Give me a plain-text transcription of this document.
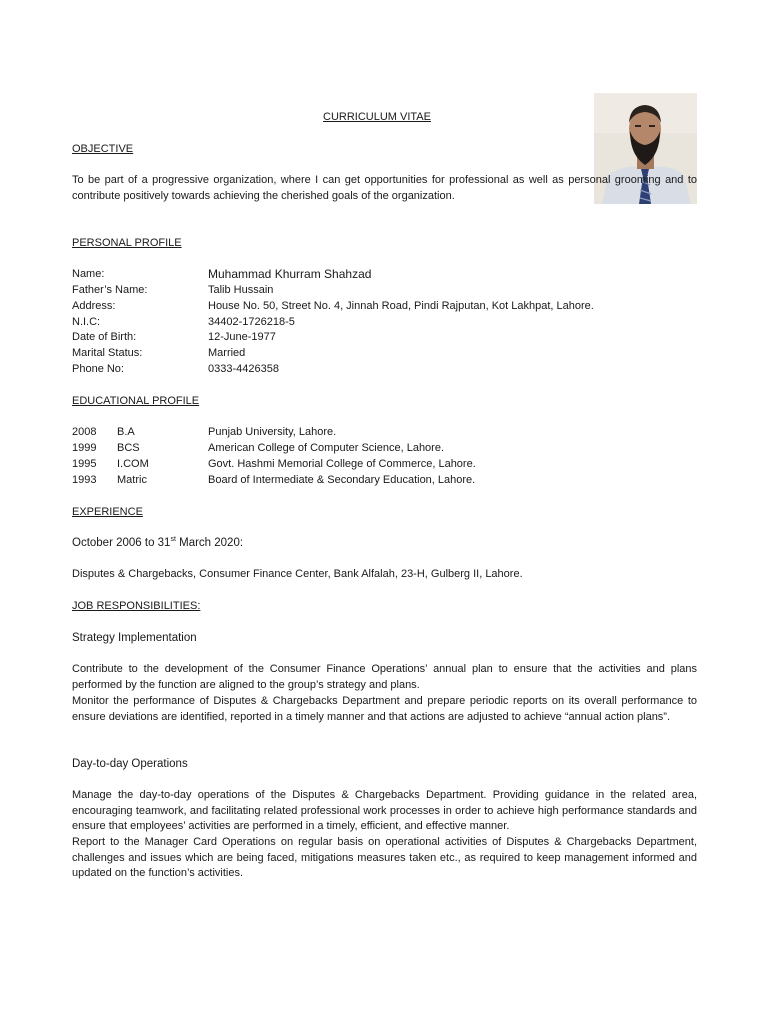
CURRICULUM VITAE
OBJECTIVE
To be part of a progressive organization, where I can get opportunities for professional as well as personal grooming and to contribute positively towards achieving the cherished goals of the organization.
PERSONAL PROFILE
Name:	Muhammad Khurram Shahzad
Father’s Name:	Talib Hussain
Address:	House No. 50, Street No. 4, Jinnah Road, Pindi Rajputan, Kot Lakhpat, Lahore.
N.I.C:	34402-1726218-5
Date of Birth:	12-June-1977
Marital Status:	Married
Phone No:	0333-4426358
EDUCATIONAL PROFILE
2008 B.A	Punjab University, Lahore.
1999 BCS	American College of Computer Science, Lahore.
1995 I.COM	Govt. Hashmi Memorial College of Commerce, Lahore.
1993 Matric	Board of Intermediate & Secondary Education, Lahore.
EXPERIENCE
October 2006 to 31st March 2020:
Disputes & Chargebacks, Consumer Finance Center, Bank Alfalah, 23-H, Gulberg II, Lahore.
JOB RESPONSIBILITIES:
Strategy Implementation
Contribute to the development of the Consumer Finance Operations’ annual plan to ensure that the activities and plans performed by the function are aligned to the group’s strategy and plans.
Monitor the performance of Disputes & Chargebacks Department and prepare periodic reports on its overall performance to ensure deviations are identified, reported in a timely manner and that actions are adjusted to achieve “annual action plans”.
Day-to-day Operations
Manage the day-to-day operations of the Disputes & Chargebacks Department. Providing guidance in the related area, encouraging teamwork, and facilitating related professional work processes in order to achieve high performance standards and ensure that employees’ activities are performed in a timely, efficient, and effective manner.
Report to the Manager Card Operations on regular basis on operational activities of Disputes & Chargebacks Department, challenges and issues which are being faced, mitigations measures taken etc., as required to keep management informed and updated on the function’s activities.
